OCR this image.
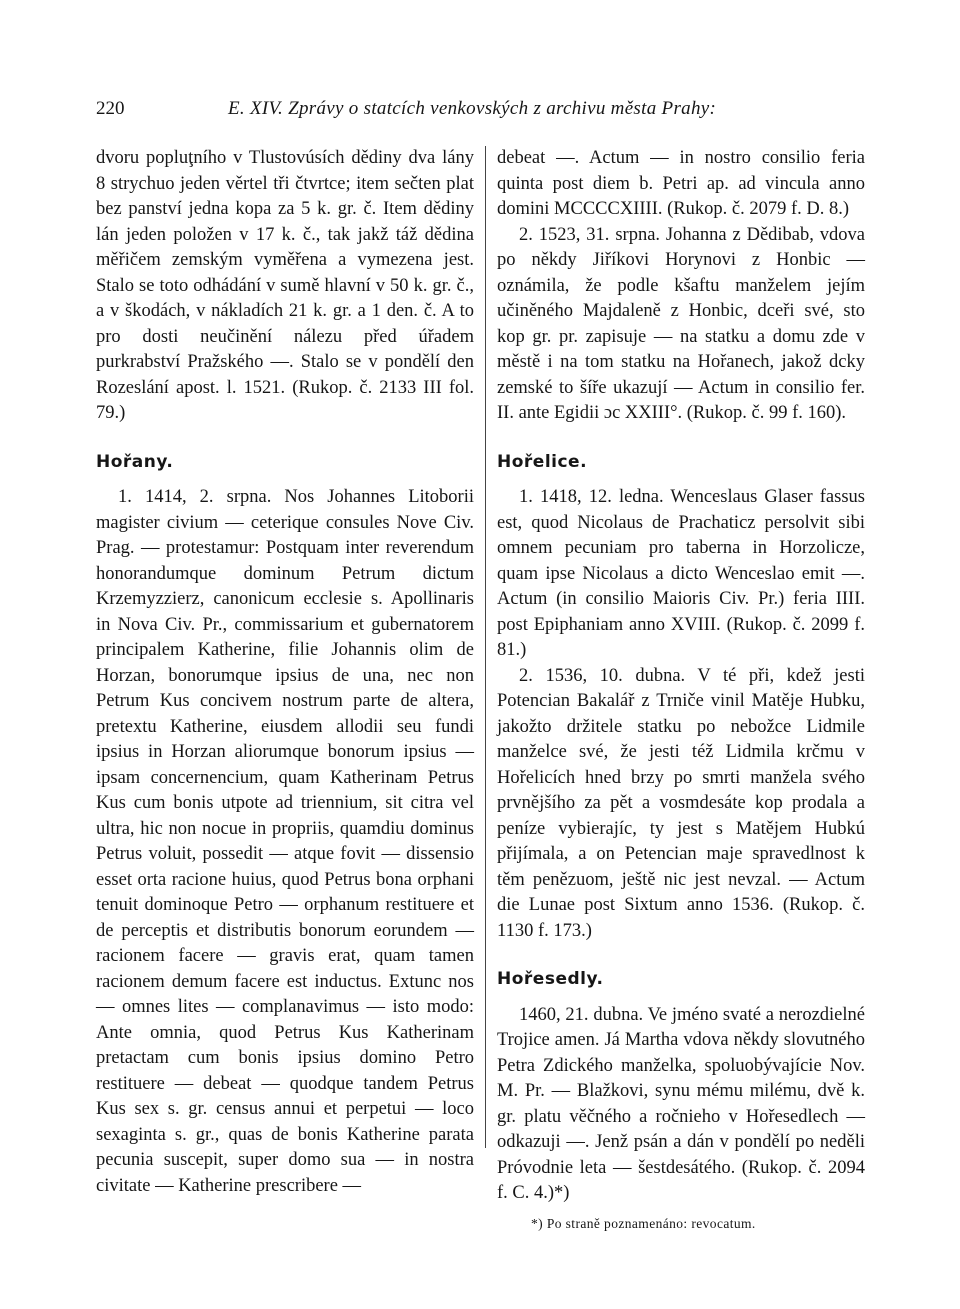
220	E. XIV. Zprávy o statcích venkovských z archivu města Prahy:

dvoru popluţního v Tlustovúsích dědiny dva lány 8 strychuo jeden věrtel tři čtvrtce; item sečten plat bez panství jedna kopa za 5 k. gr. č. Item dědiny lán jeden položen v 17 k. č., tak jakž táž dědina měřičem zemským vyměřena a vymezena jest. Stalo se toto odhádání v sumě hlavní v 50 k. gr. č., a v škodách, v nákladích 21 k. gr. a 1 den. č. A to pro dosti neučinění nálezu před úřadem purkrabství Pražského —. Stalo se v pondělí den Rozeslání apost. l. 1521. (Rukop. č. 2133 III fol. 79.)

Hořany.

1. 1414, 2. srpna. Nos Johannes Litoborii magister civium — ceterique consules Nove Civ. Prag. — protestamur: Postquam inter reverendum honorandumque dominum Petrum dictum Krzemyzzierz, canonicum ecclesie s. Apollinaris in Nova Civ. Pr., commissarium et gubernatorem principalem Katherine, filie Johannis olim de Horzan, bonorumque ipsius de una, nec non Petrum Kus concivem nostrum parte de altera, pretextu Katherine, eiusdem allodii seu fundi ipsius in Horzan aliorumque bonorum ipsius — ipsam concernencium, quam Katherinam Petrus Kus cum bonis utpote ad triennium, sit citra vel ultra, hic non nocue in propriis, quamdiu dominus Petrus voluit, possedit — atque fovit — dissensio esset orta racione huius, quod Petrus bona orphani tenuit dominoque Petro — orphanum restituere et de perceptis et distributis bonorum eorundem — racionem facere — gravis erat, quam tamen racionem demum facere est inductus. Extunc nos — omnes lites — complanavimus — isto modo: Ante omnia, quod Petrus Kus Katherinam pretactam cum bonis ipsius domino Petro restituere — debeat — quodque tandem Petrus Kus sex s. gr. census annui et perpetui — loco sexaginta s. gr., quas de bonis Katherine parata pecunia suscepit, super domo sua — in nostra civitate — Katherine prescribere —

debeat —. Actum — in nostro consilio feria quinta post diem b. Petri ap. ad vincula anno domini MCCCCXIIII. (Rukop. č. 2079 f. D. 8.)

2. 1523, 31. srpna. Johanna z Dědibab, vdova po někdy Jiříkovi Horynovi z Honbic — oznámila, že podle kšaftu manželem jejím učiněného Majdaleně z Honbic, dceři své, sto kop gr. pr. zapisuje — na statku a domu zde v městě i na tom statku na Hořanech, jakož dcky zemské to šíře ukazují — Actum in consilio fer. II. ante Egidii ɔc XXIII°. (Rukop. č. 99 f. 160).

Hořelice.

1. 1418, 12. ledna. Wenceslaus Glaser fassus est, quod Nicolaus de Prachaticz persolvit sibi omnem pecuniam pro taberna in Horzolicze, quam ipse Nicolaus a dicto Wenceslao emit —. Actum (in consilio Maioris Civ. Pr.) feria IIII. post Epiphaniam anno XVIII. (Rukop. č. 2099 f. 81.)

2. 1536, 10. dubna. V té při, kdež jesti Potencian Bakalář z Trniče vinil Matěje Hubku, jakožto držitele statku po nebožce Lidmile manželce své, že jesti též Lidmila krčmu v Hořelicích hned brzy po smrti manžela svého prvnějšího za pět a vosmdesáte kop prodala a peníze vybierajíc, ty jest s Matějem Hubkú přijímala, a on Petencian maje spravedlnost k těm penězuom, ještě nic jest nevzal. — Actum die Lunae post Sixtum anno 1536. (Rukop. č. 1130 f. 173.)

Hořesedly.

1460, 21. dubna. Ve jméno svaté a nerozdielné Trojice amen. Já Martha vdova někdy slovutného Petra Zdického manželka, spoluobývajície Nov. M. Pr. — Blažkovi, synu mému milému, dvě k. gr. platu věčného a ročnieho v Hořesedlech — odkazuji —. Jenž psán a dán v pondělí po neděli Próvodnie leta — šestdesátého. (Rukop. č. 2094 f. C. 4.)*)

*) Po straně poznamenáno: revocatum.
